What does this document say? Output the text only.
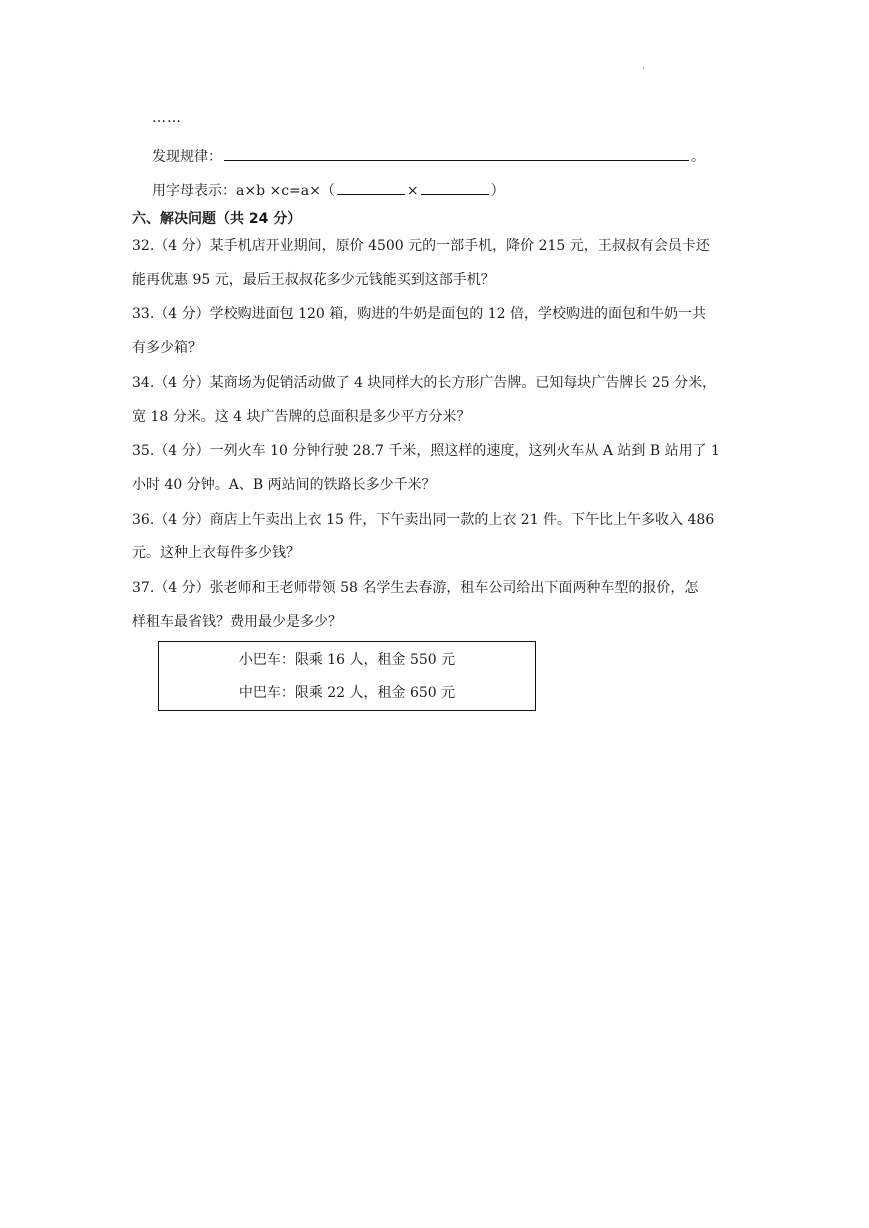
·
……
发现规律：	。
用字母表示：a×b ×c=a×（	×	）
六、解决问题（共 24 分）
32.（4 分）某手机店开业期间，原价 4500 元的一部手机，降价 215 元，王叔叔有会员卡还
能再优惠 95 元，最后王叔叔花多少元钱能买到这部手机？
33.（4 分）学校购进面包 120 箱，购进的牛奶是面包的 12 倍，学校购进的面包和牛奶一共
有多少箱？
34.（4 分）某商场为促销活动做了 4 块同样大的长方形广告牌。已知每块广告牌长 25 分米，
宽 18 分米。这 4 块广告牌的总面积是多少平方分米？
35.（4 分）一列火车 10 分钟行驶 28.7 千米，照这样的速度，这列火车从 A 站到 B 站用了 1
小时 40 分钟。A、B 两站间的铁路长多少千米？
36.（4 分）商店上午卖出上衣 15 件，下午卖出同一款的上衣 21 件。下午比上午多收入 486
元。这种上衣每件多少钱？
37.（4 分）张老师和王老师带领 58 名学生去春游，租车公司给出下面两种车型的报价，怎
样租车最省钱？费用最少是多少？
小巴车：限乘 16 人，租金 550 元
中巴车：限乘 22 人，租金 650 元
